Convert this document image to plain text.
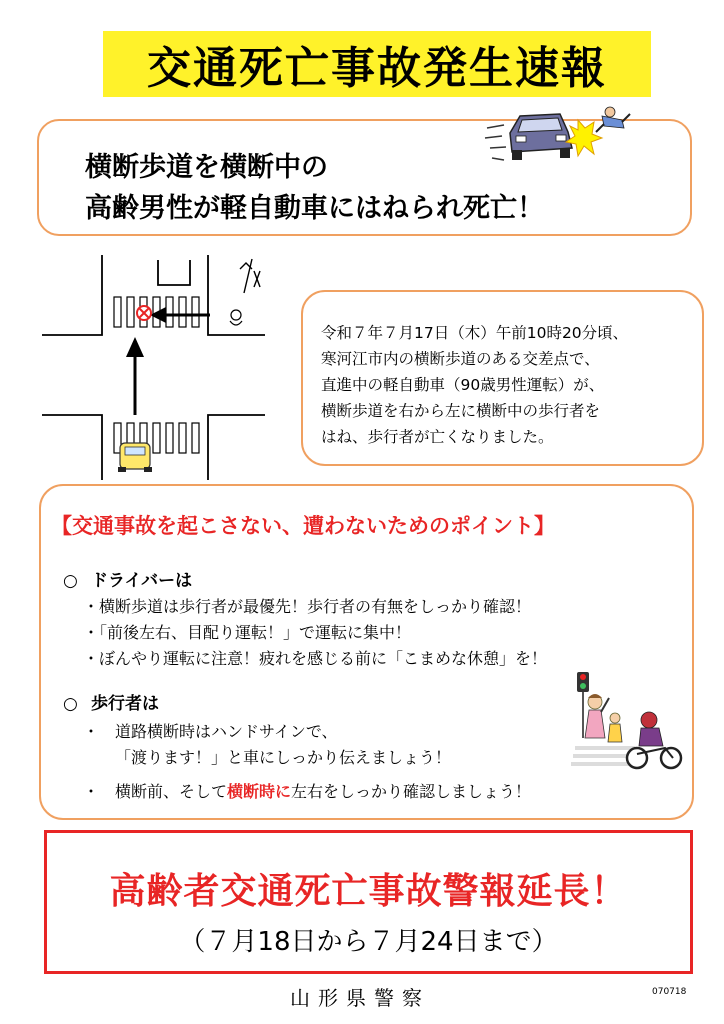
交通死亡事故発生速報
横断歩道を横断中の
高齢男性が軽自動車にはねられ死亡！
令和７年７月17日（木）午前10時20分頃、
寒河江市内の横断歩道のある交差点で、
直進中の軽自動車（90歳男性運転）が、
横断歩道を右から左に横断中の歩行者を
はね、歩行者が亡くなりました。
【交通事故を起こさない、遭わないためのポイント】
○ ドライバーは
・横断歩道は歩行者が最優先！歩行者の有無をしっかり確認！
・「前後左右、目配り運転！」で運転に集中！
・ぼんやり運転に注意！疲れを感じる前に「こまめな休憩」を！
○ 歩行者は
・　道路横断時はハンドサインで、
「渡ります！」と車にしっかり伝えましょう！
・　横断前、そして横断時に左右をしっかり確認しましょう！
高齢者交通死亡事故警報延長！
（７月18日から７月24日まで）
山形県警察	070718
